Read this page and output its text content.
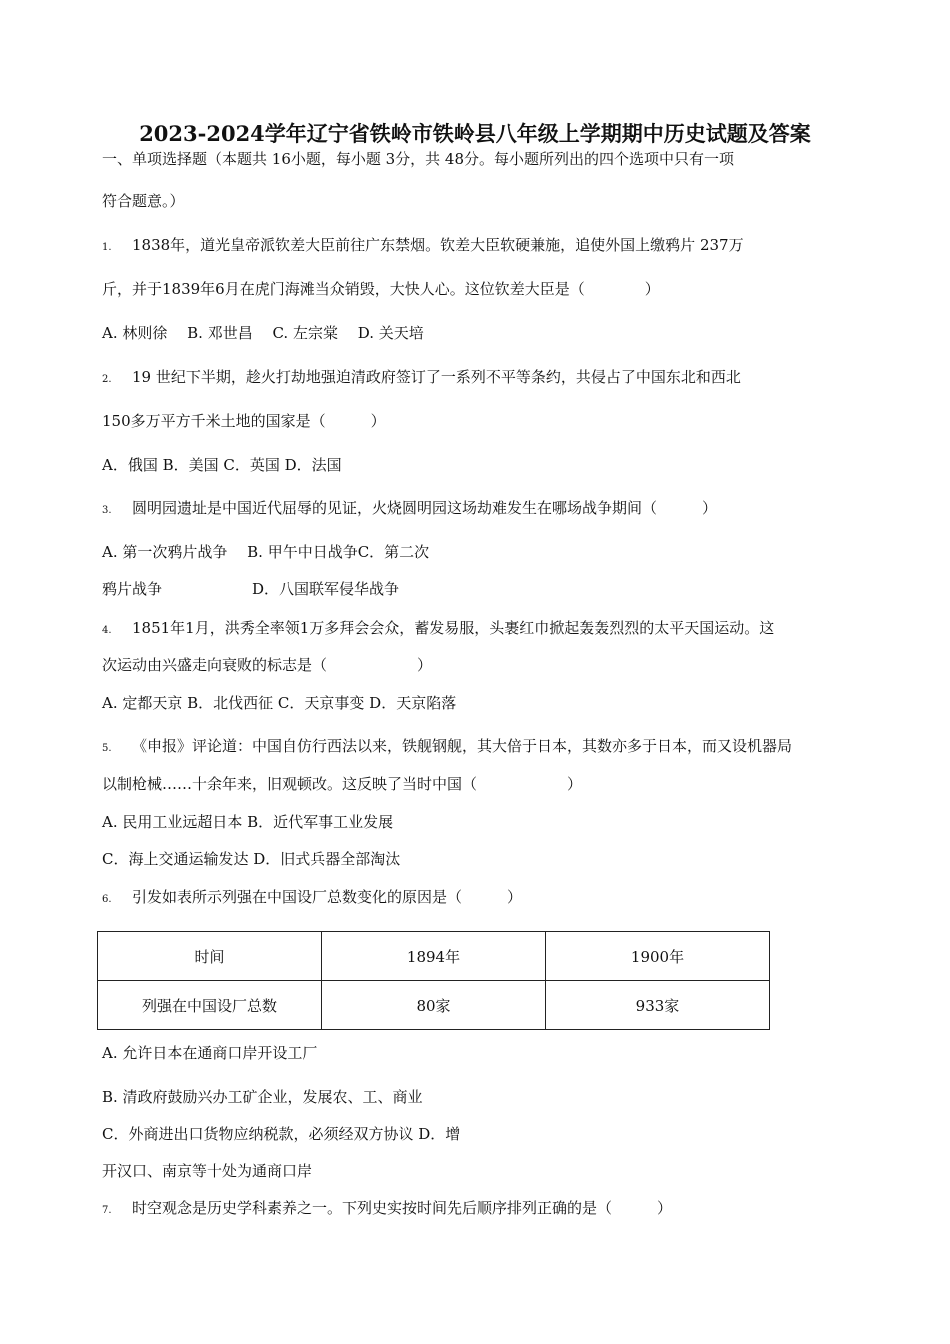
2023-2024学年辽宁省铁岭市铁岭县八年级上学期期中历史试题及答案
一、单项选择题（本题共 16小题，每小题 3分，共 48分。每小题所列出的四个选项中只有一项
符合题意。）
1. 1838年，道光皇帝派钦差大臣前往广东禁烟。钦差大臣软硬兼施，追使外国上缴鸦片 237万
斤，并于1839年6月在虎门海滩当众销毁，大快人心。这位钦差大臣是（　　　　）
A. 林则徐　 B. 邓世昌　 C. 左宗棠　 D. 关天培
2. 19 世纪下半期，趁火打劫地强迫清政府签订了一系列不平等条约，共侵占了中国东北和西北
150多万平方千米土地的国家是（　　　）
A．俄国 B．美国 C．英国 D．法国
3. 圆明园遗址是中国近代屈辱的见证，火烧圆明园这场劫难发生在哪场战争期间（　　　）
A. 第一次鸦片战争　 B. 甲午中日战争C．第二次
鸦片战争　　　　　　D．八国联军侵华战争
4. 1851年1月，洪秀全率领1万多拜会会众，蓄发易服，头裹红巾掀起轰轰烈烈的太平天国运动。这
次运动由兴盛走向衰败的标志是（　　　　　　）
A. 定都天京 B．北伐西征 C．天京事变 D．天京陷落
5. 《申报》评论道：中国自仿行西法以来，铁舰钢舰，其大倍于日本，其数亦多于日本，而又设机器局
以制枪械……十余年来，旧观顿改。这反映了当时中国（　　　　　　）
A. 民用工业远超日本 B．近代军事工业发展
C．海上交通运输发达 D．旧式兵器全部淘汰
6. 引发如表所示列强在中国设厂总数变化的原因是（　　　）
时间	1894年	1900年
列强在中国设厂总数	80家	933家
A. 允许日本在通商口岸开设工厂
B. 清政府鼓励兴办工矿企业，发展农、工、商业
C．外商进出口货物应纳税款，必须经双方协议 D．增
开汉口、南京等十处为通商口岸
7. 时空观念是历史学科素养之一。下列史实按时间先后顺序排列正确的是（　　　）
